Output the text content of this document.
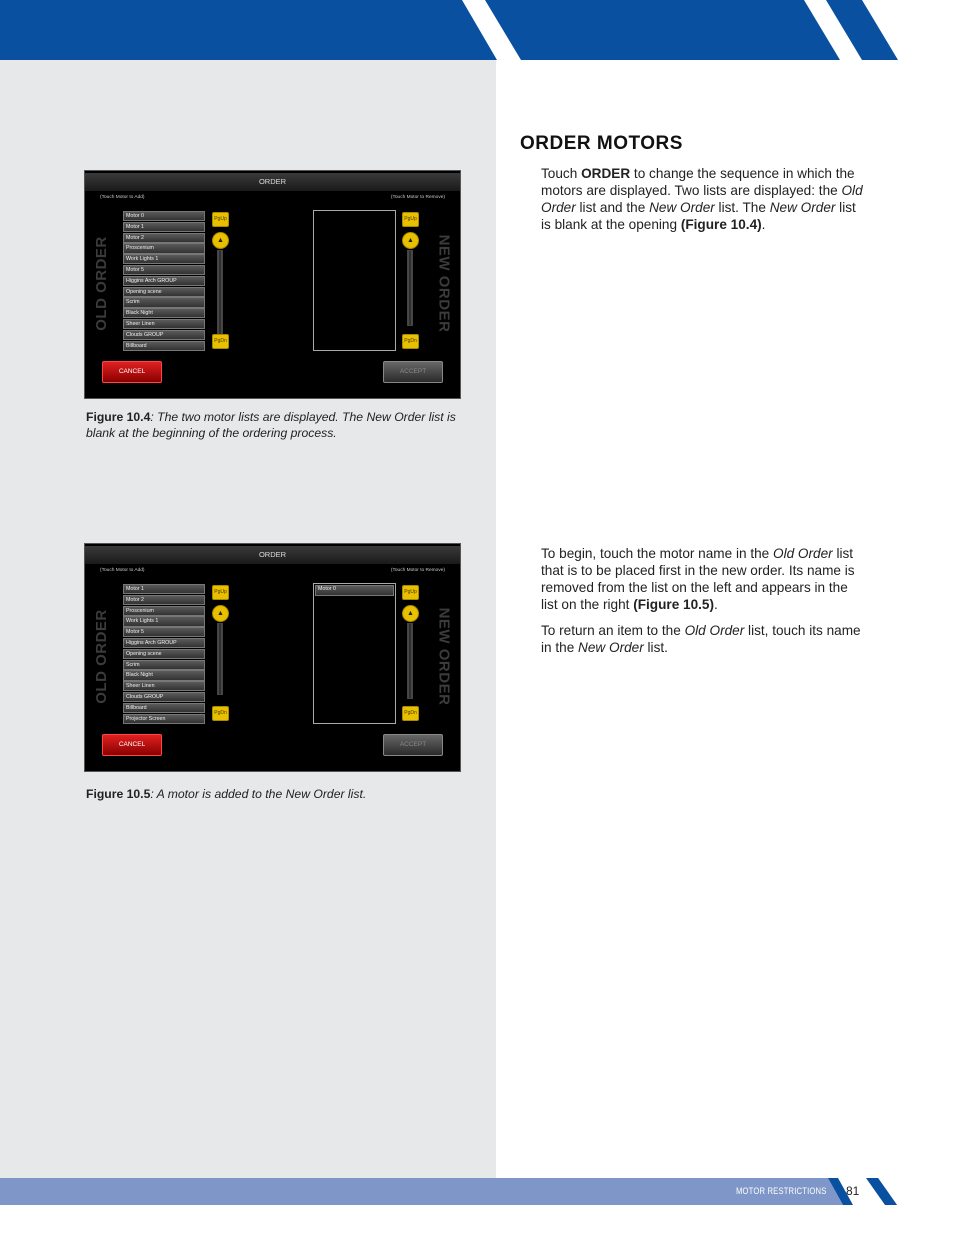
ORDER MOTORS

Touch ORDER to change the sequence in which the motors are displayed. Two lists are displayed: the Old Order list and the New Order list. The New Order list is blank at the opening (Figure 10.4).

To begin, touch the motor name in the Old Order list that is to be placed first in the new order. Its name is removed from the list on the left and appears in the list on the right (Figure 10.5).

To return an item to the Old Order list, touch its name in the New Order list.

ORDER
(Touch Motor to Add)	(Touch Motor to Remove)
OLD ORDER	NEW ORDER
Motor 0
Motor 1
Motor 2
Proscenium
Work Lights 1
Motor 5
Higgins Arch GROUP
Opening scene
Scrim
Black Night
Sheer Linen
Clouds GROUP
Billboard
PgUp
▲
PgDn
PgUp
▲
PgDn
CANCEL	ACCEPT

Figure 10.4: The two motor lists are displayed. The New Order list is blank at the beginning of the ordering process.

ORDER
(Touch Motor to Add)	(Touch Motor to Remove)
OLD ORDER	NEW ORDER
Motor 1
Motor 2
Proscenium
Work Lights 1
Motor 5
Higgins Arch GROUP
Opening scene
Scrim
Black Night
Sheer Linen
Clouds GROUP
Billboard
Projector Screen
PgUp
▲
PgDn
Motor 0	PgUp
▲
PgDn
CANCEL	ACCEPT

Figure 10.5: A motor is added to the New Order list.

MOTOR RESTRICTIONS 81
